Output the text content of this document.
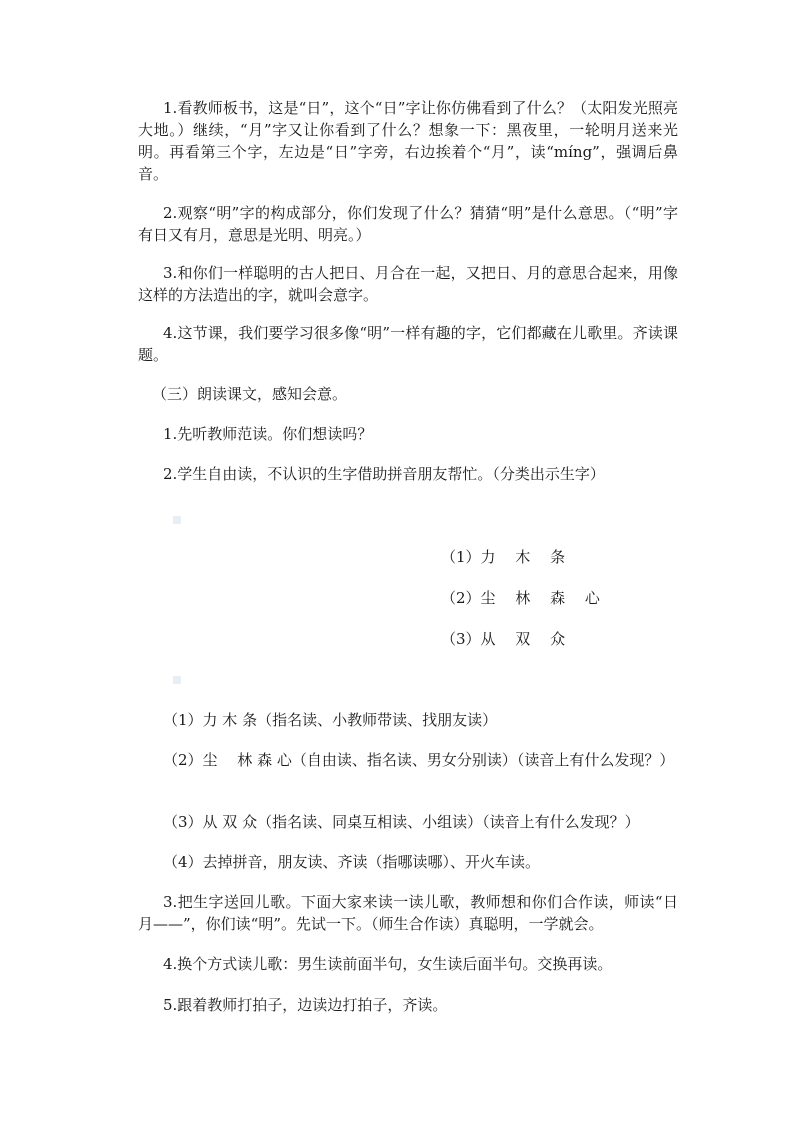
1.看教师板书，这是“日”，这个“日”字让你仿佛看到了什么？（太阳发光照亮大地。）继续，“月”字又让你看到了什么？想象一下：黑夜里，一轮明月送来光明。再看第三个字，左边是“日”字旁，右边挨着个“月”，读“míng”，强调后鼻音。

2.观察“明”字的构成部分，你们发现了什么？猜猜“明”是什么意思。（“明”字有日又有月，意思是光明、明亮。）

3.和你们一样聪明的古人把日、月合在一起，又把日、月的意思合起来，用像这样的方法造出的字，就叫会意字。

4.这节课，我们要学习很多像“明”一样有趣的字，它们都藏在儿歌里。齐读课题。

（三）朗读课文，感知会意。

1.先听教师范读。你们想读吗？

2.学生自由读，不认识的生字借助拼音朋友帮忙。（分类出示生字）

（1）力　 木　 条
（2）尘　 林　 森　 心
（3）从　 双　 众

（1）力 木 条（指名读、小教师带读、找朋友读）

（2）尘　 林 森 心（自由读、指名读、男女分别读）（读音上有什么发现？）

（3）从 双 众（指名读、同桌互相读、小组读）（读音上有什么发现？）

（4）去掉拼音，朋友读、齐读（指哪读哪）、开火车读。

3.把生字送回儿歌。下面大家来读一读儿歌，教师想和你们合作读，师读“日月——”，你们读“明”。先试一下。（师生合作读）真聪明，一学就会。

4.换个方式读儿歌：男生读前面半句，女生读后面半句。交换再读。

5.跟着教师打拍子，边读边打拍子，齐读。
